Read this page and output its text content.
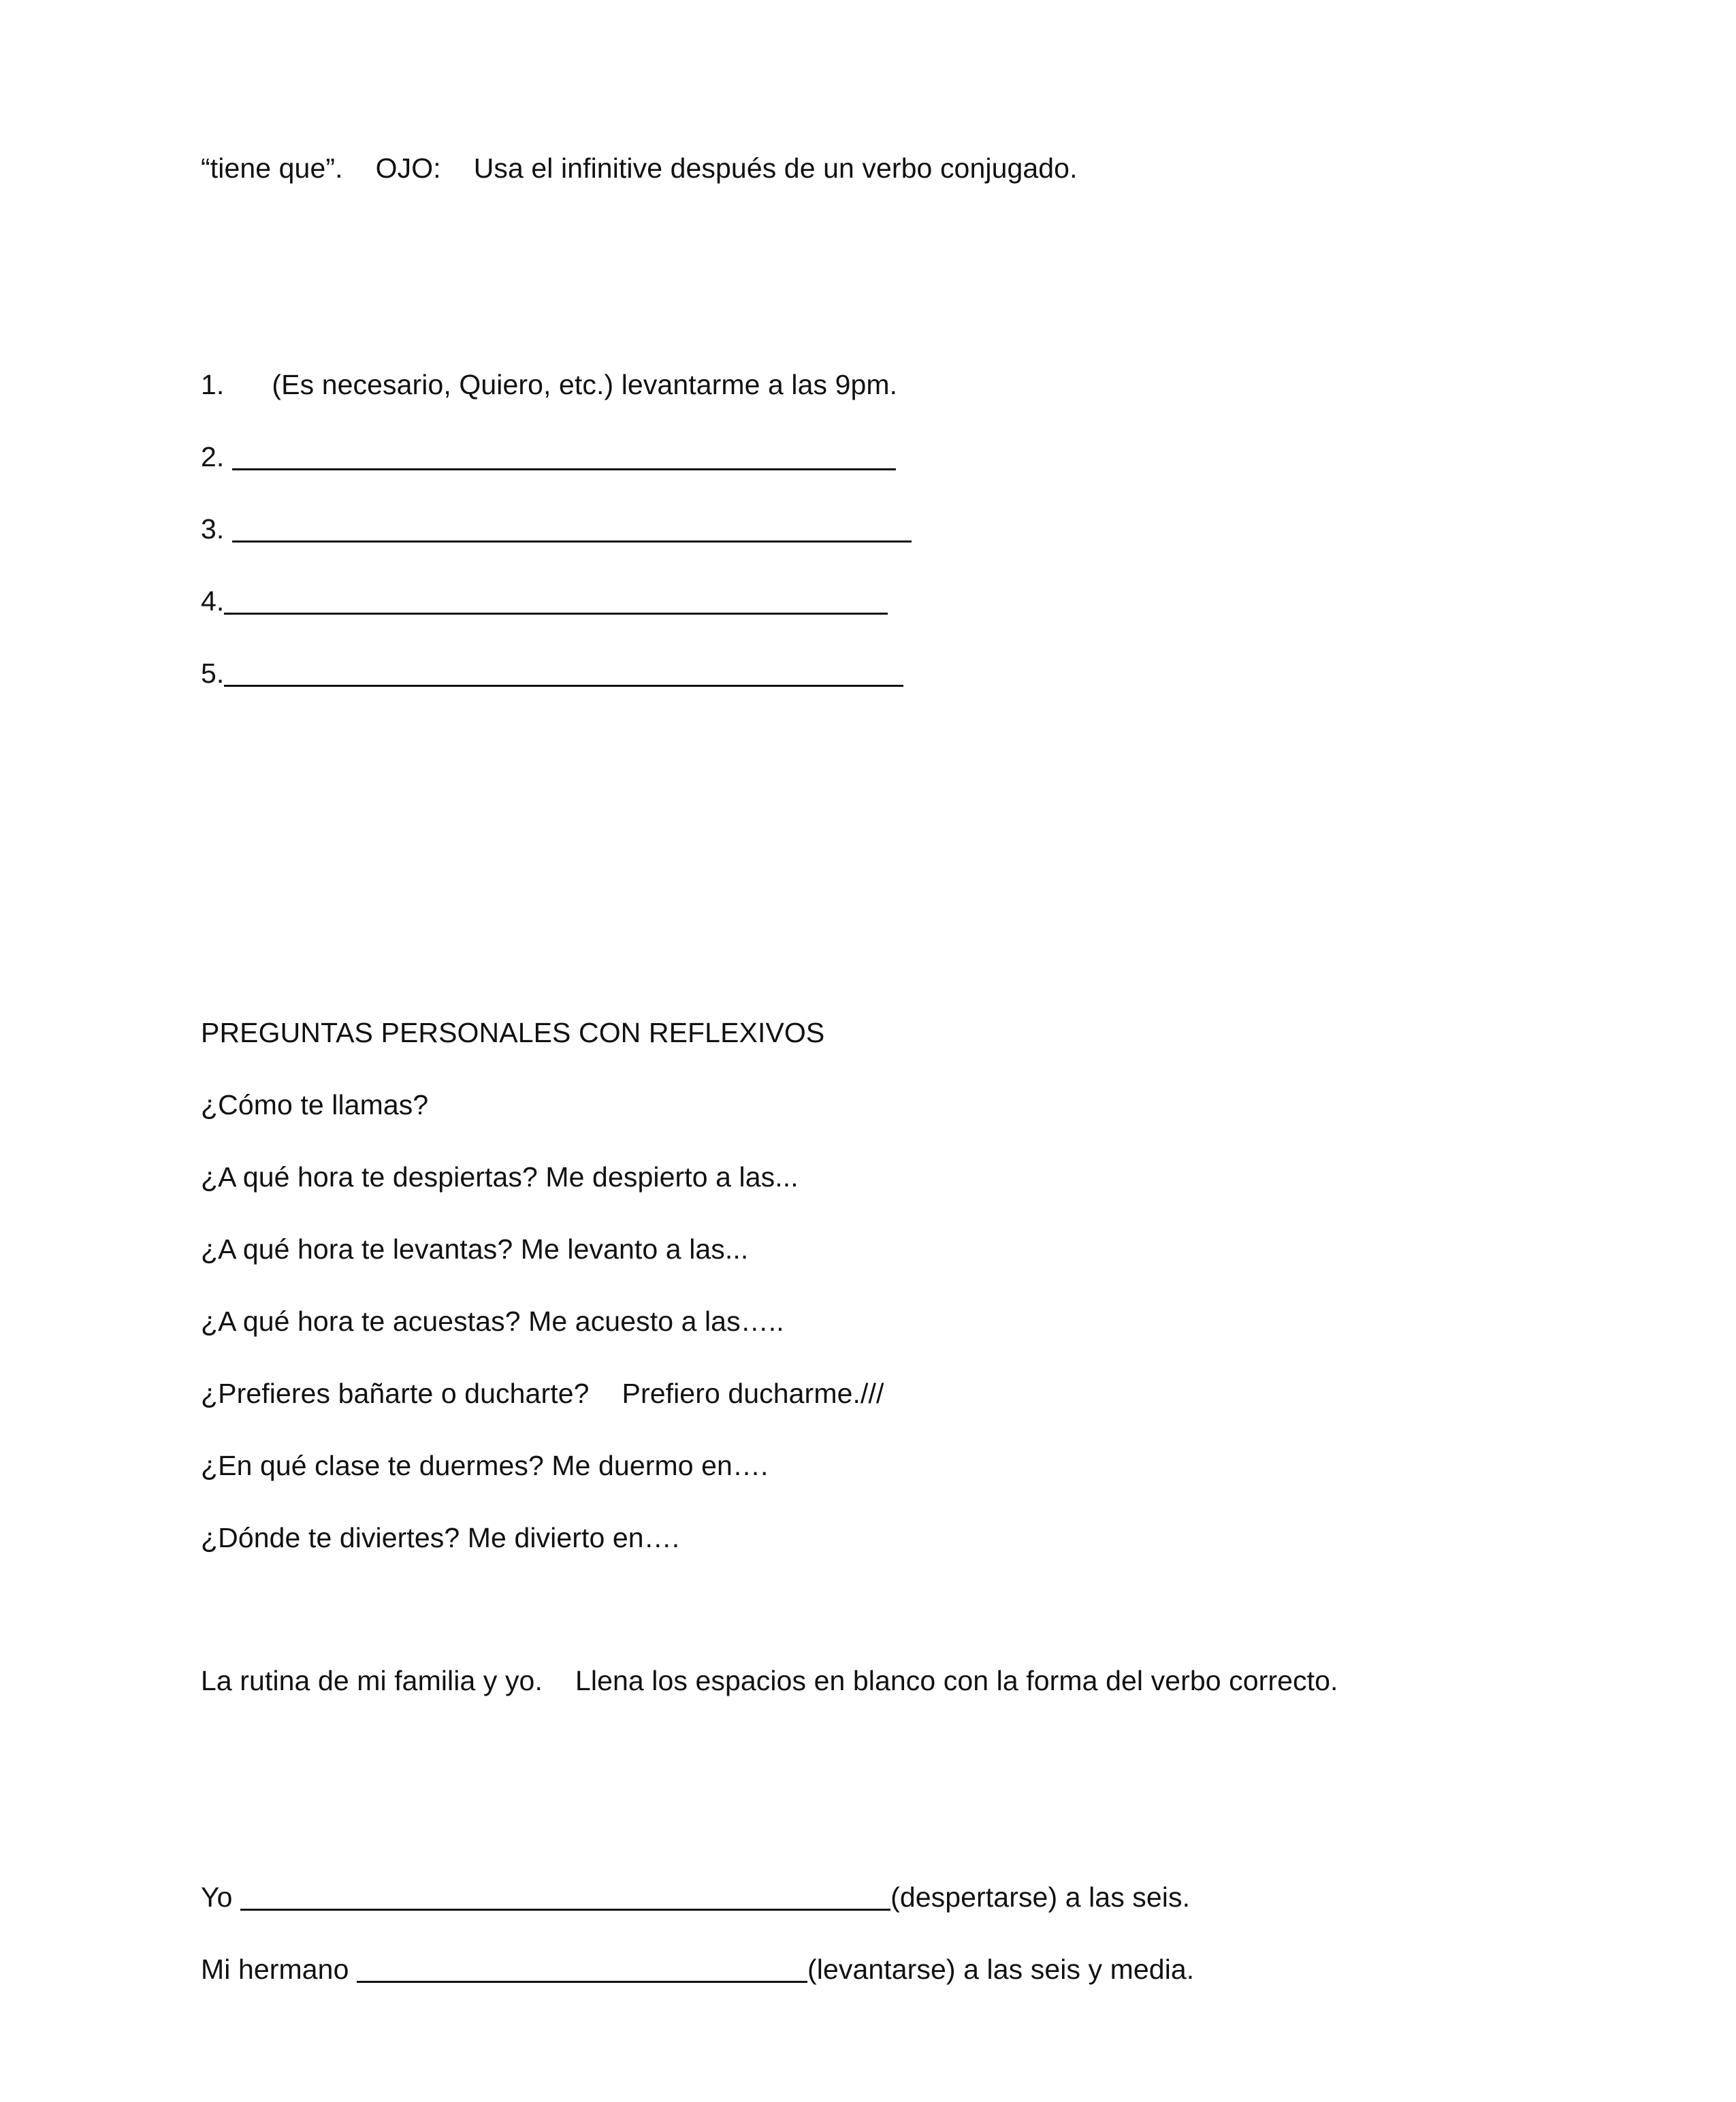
“tiene que”. OJO: Usa el infinitive después de un verbo conjugado.
1. (Es necesario, Quiero, etc.) levantarme a las 9pm.
2.
3.
4.
5.
PREGUNTAS PERSONALES CON REFLEXIVOS
¿Cómo te llamas?
¿A qué hora te despiertas? Me despierto a las...
¿A qué hora te levantas? Me levanto a las...
¿A qué hora te acuestas? Me acuesto a las…..
¿Prefieres bañarte o ducharte? Prefiero ducharme.///
¿En qué clase te duermes? Me duermo en….
¿Dónde te diviertes? Me divierto en….
La rutina de mi familia y yo. Llena los espacios en blanco con la forma del verbo correcto.
Yo	(despertarse) a las seis.
Mi hermano	(levantarse) a las seis y media.
